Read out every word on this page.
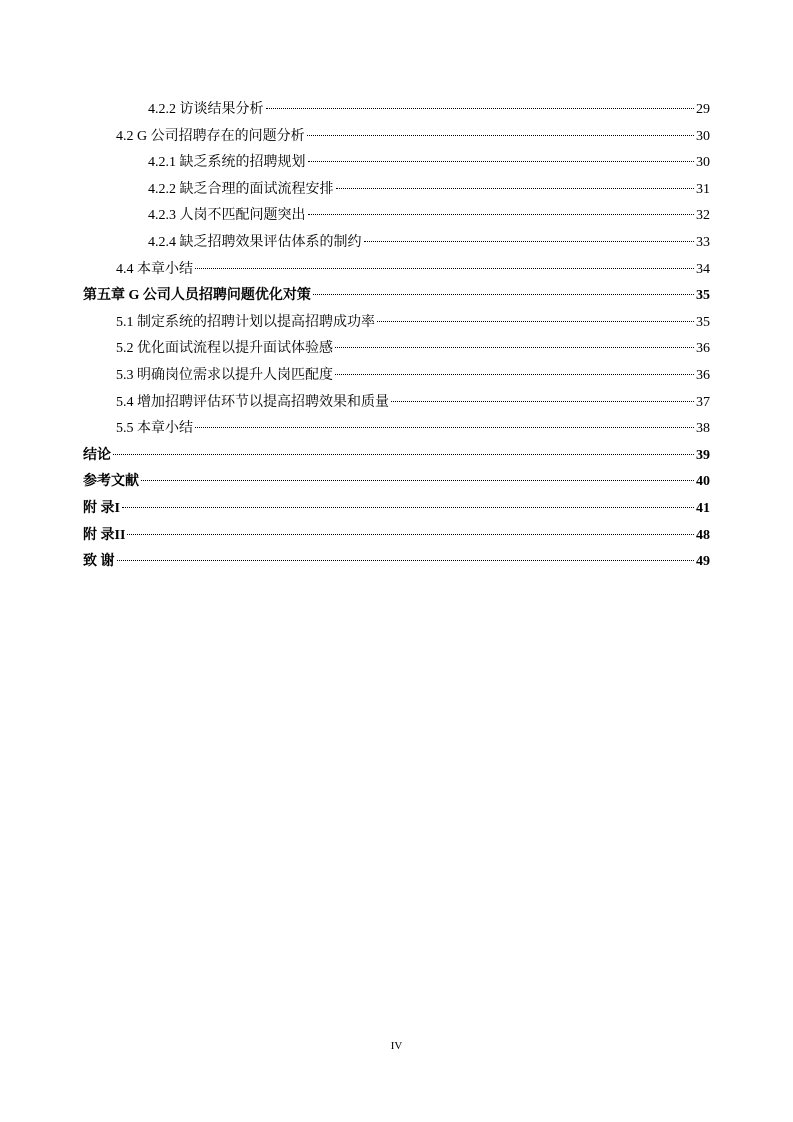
4.2.2 访谈结果分析	29
4.2 G 公司招聘存在的问题分析	30
4.2.1 缺乏系统的招聘规划	30
4.2.2 缺乏合理的面试流程安排	31
4.2.3 人岗不匹配问题突出	32
4.2.4 缺乏招聘效果评估体系的制约	33
4.4 本章小结	34
第五章 G 公司人员招聘问题优化对策	35
5.1 制定系统的招聘计划以提高招聘成功率	35
5.2 优化面试流程以提升面试体验感	36
5.3 明确岗位需求以提升人岗匹配度	36
5.4 增加招聘评估环节以提高招聘效果和质量	37
5.5 本章小结	38
结论	39
参考文献	40
附 录I	41
附 录II	48
致 谢	49
IV
